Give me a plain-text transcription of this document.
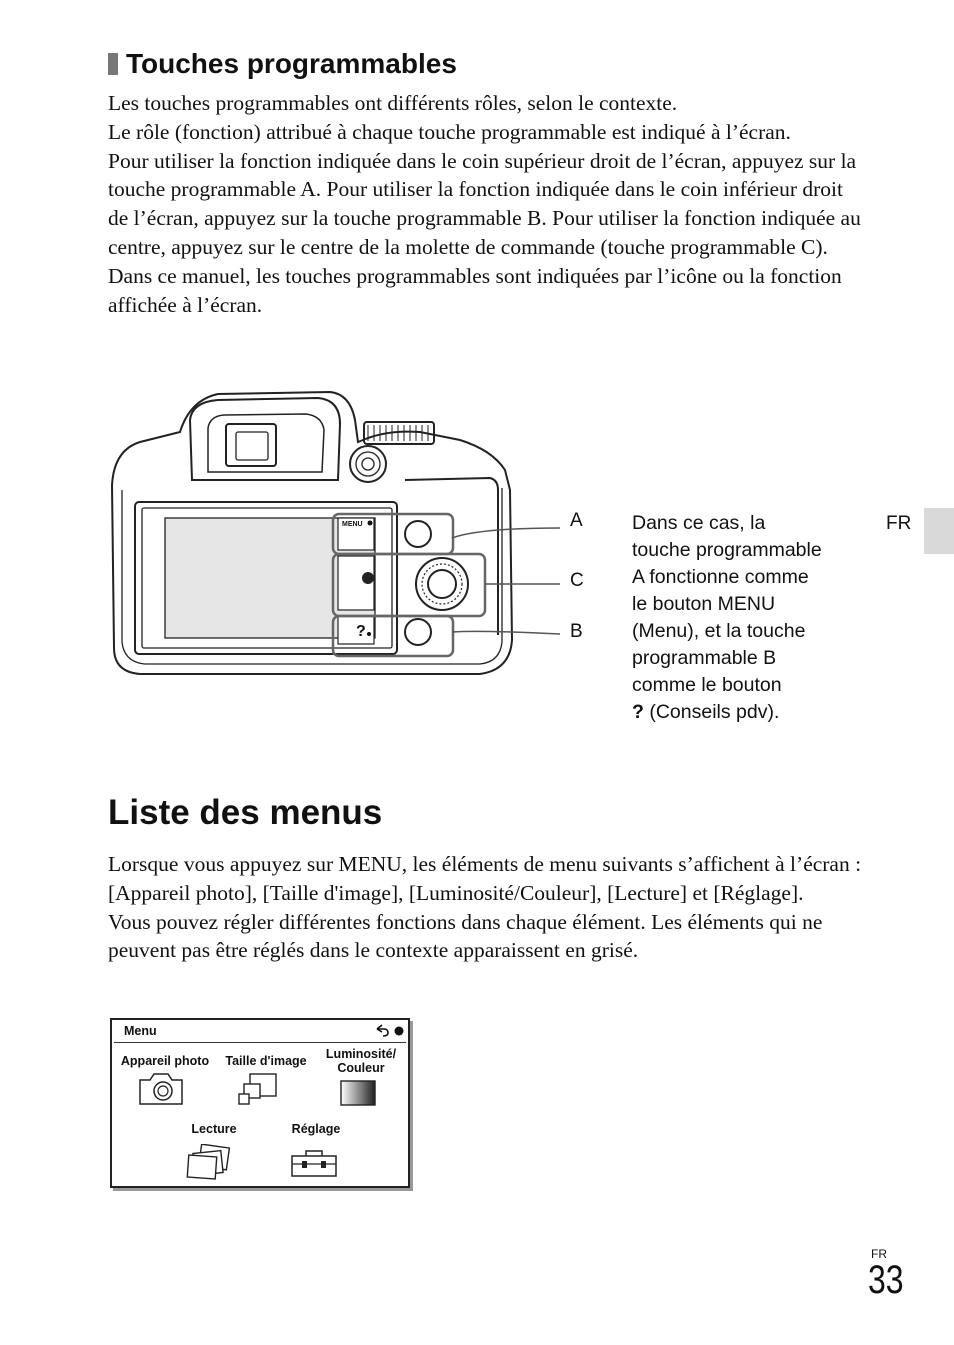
Touches programmables

Les touches programmables ont différents rôles, selon le contexte.

Le rôle (fonction) attribué à chaque touche programmable est indiqué à l’écran.

Pour utiliser la fonction indiquée dans le coin supérieur droit de l’écran, appuyez sur la touche programmable A. Pour utiliser la fonction indiquée dans le coin inférieur droit de l’écran, appuyez sur la touche programmable B. Pour utiliser la fonction indiquée au centre, appuyez sur le centre de la molette de commande (touche programmable C).

Dans ce manuel, les touches programmables sont indiquées par l’icône ou la fonction affichée à l’écran.

MENU
?
A
C
B
Dans ce cas, la
touche programmable
A fonctionne comme
le bouton MENU
(Menu), et la touche
programmable B
comme le bouton
? (Conseils pdv).
FR
Liste des menus

Lorsque vous appuyez sur MENU, les éléments de menu suivants s’affichent à l’écran : [Appareil photo], [Taille d'image], [Luminosité/Couleur], [Lecture] et [Réglage].

Vous pouvez régler différentes fonctions dans chaque élément. Les éléments qui ne peuvent pas être réglés dans le contexte apparaissent en grisé.

Menu
Appareil photo	Taille d'image	Luminosité/
Couleur
Lecture	Réglage
FR
33
